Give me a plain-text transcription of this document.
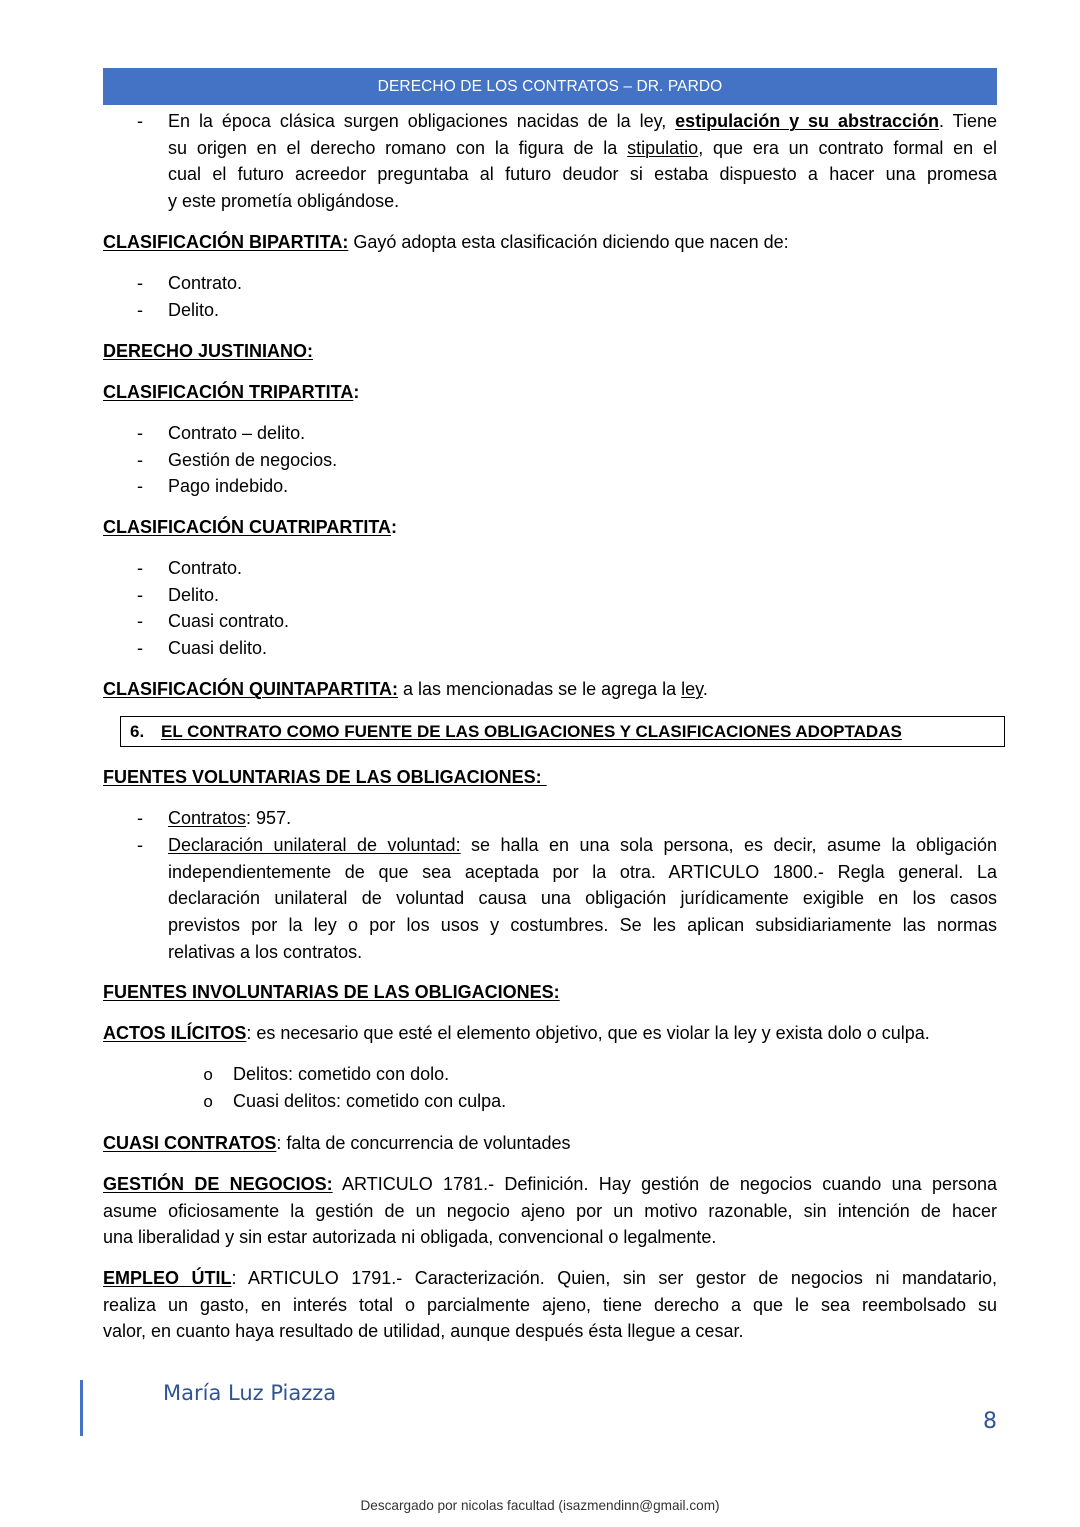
DERECHO DE LOS CONTRATOS – DR. PARDO
- En la época clásica surgen obligaciones nacidas de la ley, estipulación y su abstracción. Tiene
su origen en el derecho romano con la figura de la stipulatio, que era un contrato formal en el
cual el futuro acreedor preguntaba al futuro deudor si estaba dispuesto a hacer una promesa
y este prometía obligándose.
CLASIFICACIÓN BIPARTITA: Gayó adopta esta clasificación diciendo que nacen de:
- Contrato.
- Delito.
DERECHO JUSTINIANO:
CLASIFICACIÓN TRIPARTITA:
- Contrato – delito.
- Gestión de negocios.
- Pago indebido.
CLASIFICACIÓN CUATRIPARTITA:
- Contrato.
- Delito.
- Cuasi contrato.
- Cuasi delito.
CLASIFICACIÓN QUINTAPARTITA: a las mencionadas se le agrega la ley.
6. EL CONTRATO COMO FUENTE DE LAS OBLIGACIONES Y CLASIFICACIONES ADOPTADAS
FUENTES VOLUNTARIAS DE LAS OBLIGACIONES:
- Contratos: 957.
- Declaración unilateral de voluntad: se halla en una sola persona, es decir, asume la obligación
independientemente de que sea aceptada por la otra. ARTICULO 1800.- Regla general. La
declaración unilateral de voluntad causa una obligación jurídicamente exigible en los casos
previstos por la ley o por los usos y costumbres. Se les aplican subsidiariamente las normas
relativas a los contratos.
FUENTES INVOLUNTARIAS DE LAS OBLIGACIONES:
ACTOS ILÍCITOS: es necesario que esté el elemento objetivo, que es violar la ley y exista dolo o culpa.
o Delitos: cometido con dolo.
o Cuasi delitos: cometido con culpa.
CUASI CONTRATOS: falta de concurrencia de voluntades
GESTIÓN DE NEGOCIOS: ARTICULO 1781.- Definición. Hay gestión de negocios cuando una persona
asume oficiosamente la gestión de un negocio ajeno por un motivo razonable, sin intención de hacer
una liberalidad y sin estar autorizada ni obligada, convencional o legalmente.
EMPLEO ÚTIL: ARTICULO 1791.- Caracterización. Quien, sin ser gestor de negocios ni mandatario,
realiza un gasto, en interés total o parcialmente ajeno, tiene derecho a que le sea reembolsado su
valor, en cuanto haya resultado de utilidad, aunque después ésta llegue a cesar.
María Luz Piazza
8
Descargado por nicolas facultad (isazmendinn@gmail.com)
